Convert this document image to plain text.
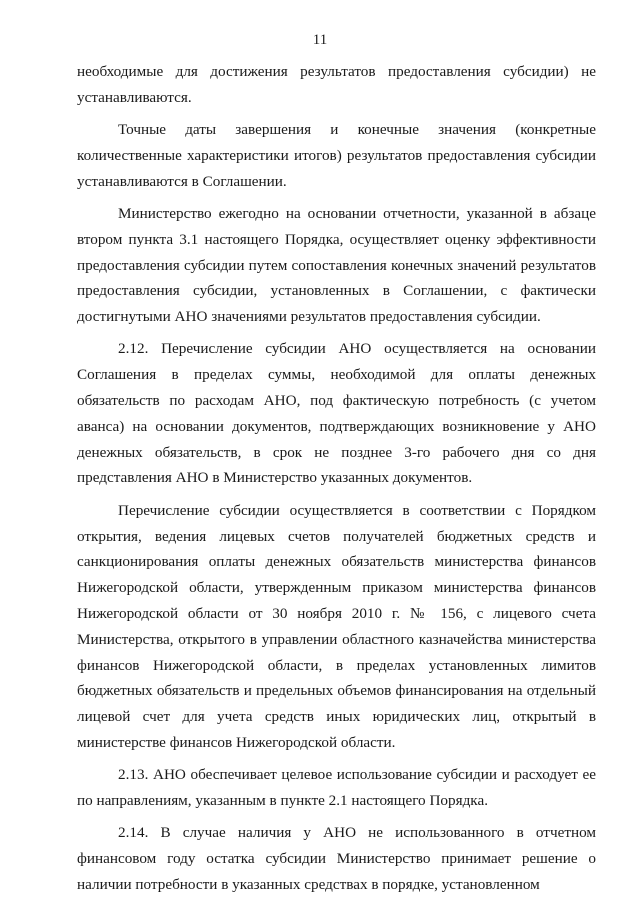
11

необходимые для достижения результатов предоставления субсидии) не устанавливаются.

Точные даты завершения и конечные значения (конкретные количественные характеристики итогов) результатов предоставления субсидии устанавливаются в Соглашении.

Министерство ежегодно на основании отчетности, указанной в абзаце втором пункта 3.1 настоящего Порядка, осуществляет оценку эффективности предоставления субсидии путем сопоставления конечных значений результатов предоставления субсидии, установленных в Соглашении, с фактически достигнутыми АНО значениями результатов предоставления субсидии.

2.12. Перечисление субсидии АНО осуществляется на основании Соглашения в пределах суммы, необходимой для оплаты денежных обязательств по расходам АНО, под фактическую потребность (с учетом аванса) на основании документов, подтверждающих возникновение у АНО денежных обязательств, в срок не позднее 3-го рабочего дня со дня представления АНО в Министерство указанных документов.

Перечисление субсидии осуществляется в соответствии с Порядком открытия, ведения лицевых счетов получателей бюджетных средств и санкционирования оплаты денежных обязательств министерства финансов Нижегородской области, утвержденным приказом министерства финансов Нижегородской области от 30 ноября 2010 г. № 156, с лицевого счета Министерства, открытого в управлении областного казначейства министерства финансов Нижегородской области, в пределах установленных лимитов бюджетных обязательств и предельных объемов финансирования на отдельный лицевой счет для учета средств иных юридических лиц, открытый в министерстве финансов Нижегородской области.

2.13. АНО обеспечивает целевое использование субсидии и расходует ее по направлениям, указанным в пункте 2.1 настоящего Порядка.

2.14. В случае наличия у АНО не использованного в отчетном финансовом году остатка субсидии Министерство принимает решение о наличии потребности в указанных средствах в порядке, установленном
